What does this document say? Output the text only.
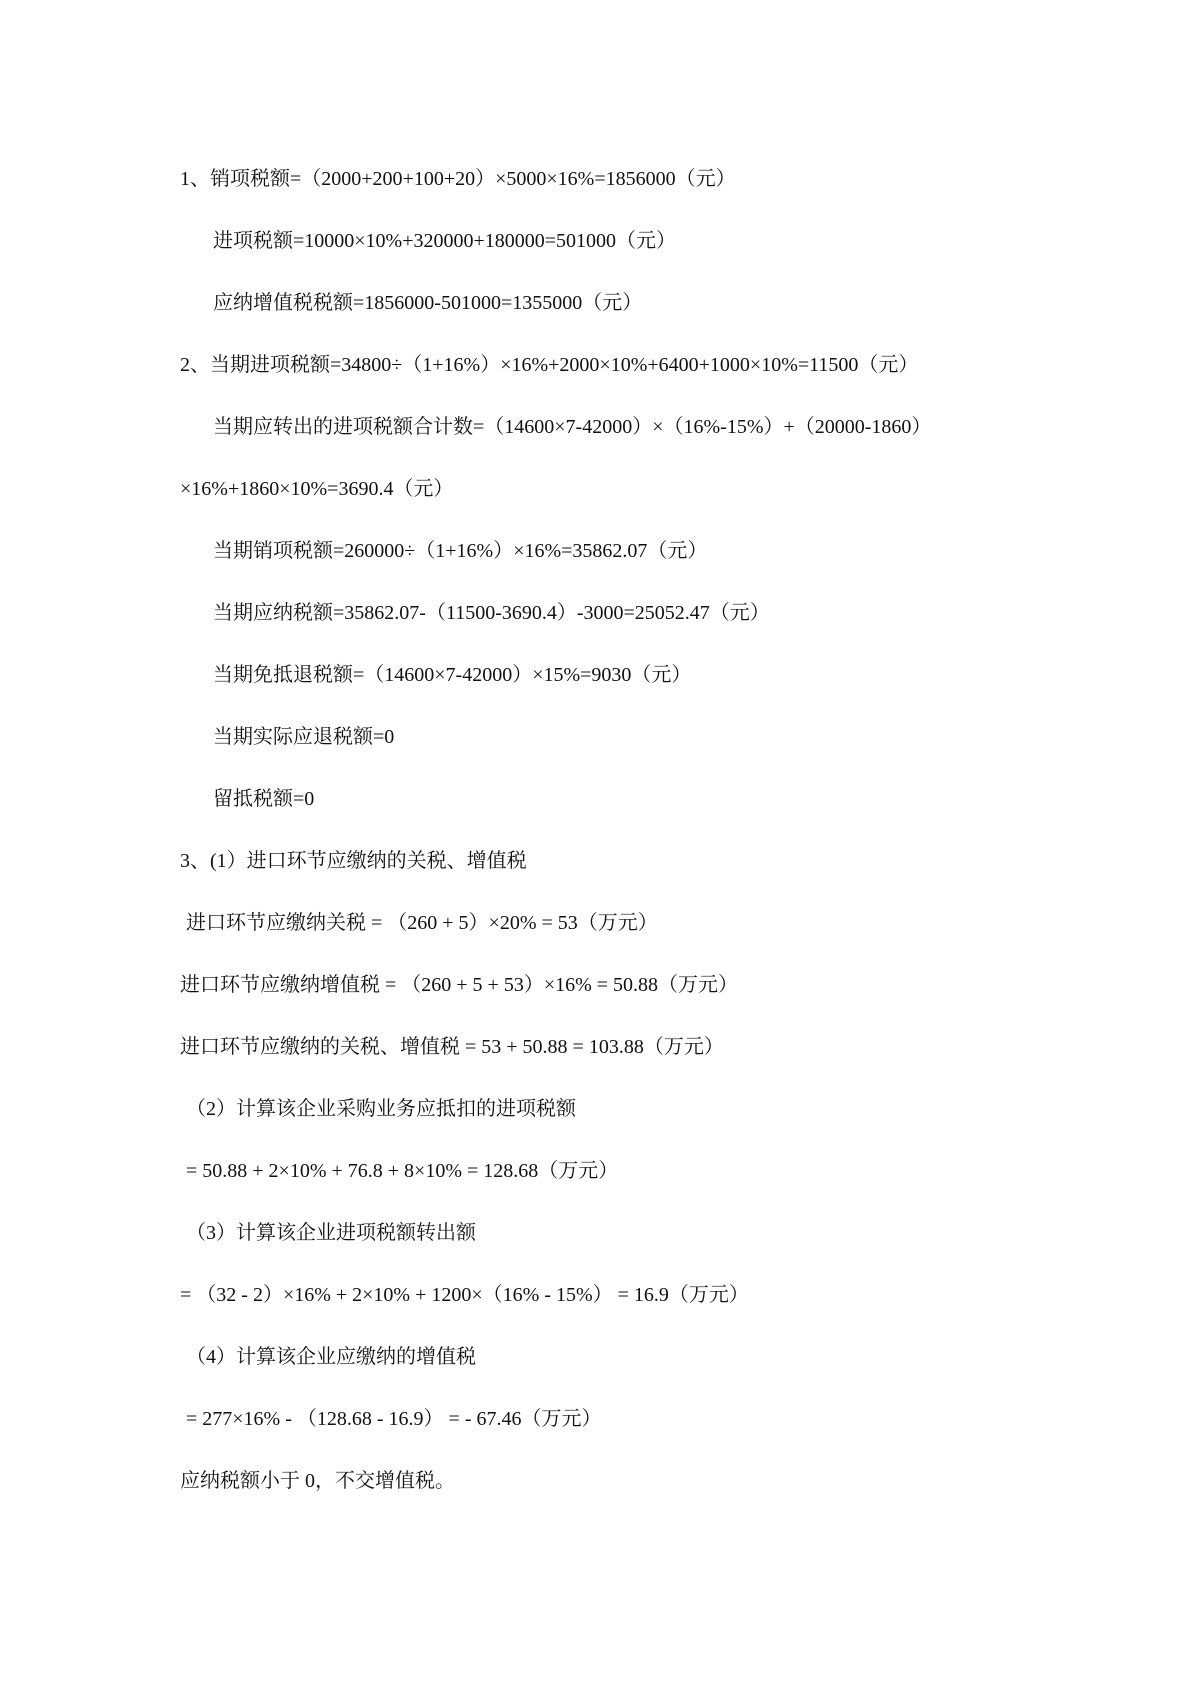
1、销项税额=（2000+200+100+20）×5000×16%=1856000（元）
进项税额=10000×10%+320000+180000=501000（元）
应纳增值税税额=1856000-501000=1355000（元）
2、当期进项税额=34800÷（1+16%）×16%+2000×10%+6400+1000×10%=11500（元）
当期应转出的进项税额合计数=（14600×7-42000）×（16%-15%）+（20000-1860）
×16%+1860×10%=3690.4（元）
当期销项税额=260000÷（1+16%）×16%=35862.07（元）
当期应纳税额=35862.07-（11500-3690.4）-3000=25052.47（元）
当期免抵退税额=（14600×7-42000）×15%=9030（元）
当期实际应退税额=0
留抵税额=0
3、(1）进口环节应缴纳的关税、增值税
进口环节应缴纳关税 = （260 + 5）×20% = 53（万元）
进口环节应缴纳增值税 = （260 + 5 + 53）×16% = 50.88（万元）
进口环节应缴纳的关税、增值税 = 53 + 50.88 = 103.88（万元）
（2）计算该企业采购业务应抵扣的进项税额
= 50.88 + 2×10% + 76.8 + 8×10% = 128.68（万元）
（3）计算该企业进项税额转出额
= （32 - 2）×16% + 2×10% + 1200×（16% - 15%） = 16.9（万元）
（4）计算该企业应缴纳的增值税
= 277×16% - （128.68 - 16.9） = - 67.46（万元）
应纳税额小于 0，不交增值税。
